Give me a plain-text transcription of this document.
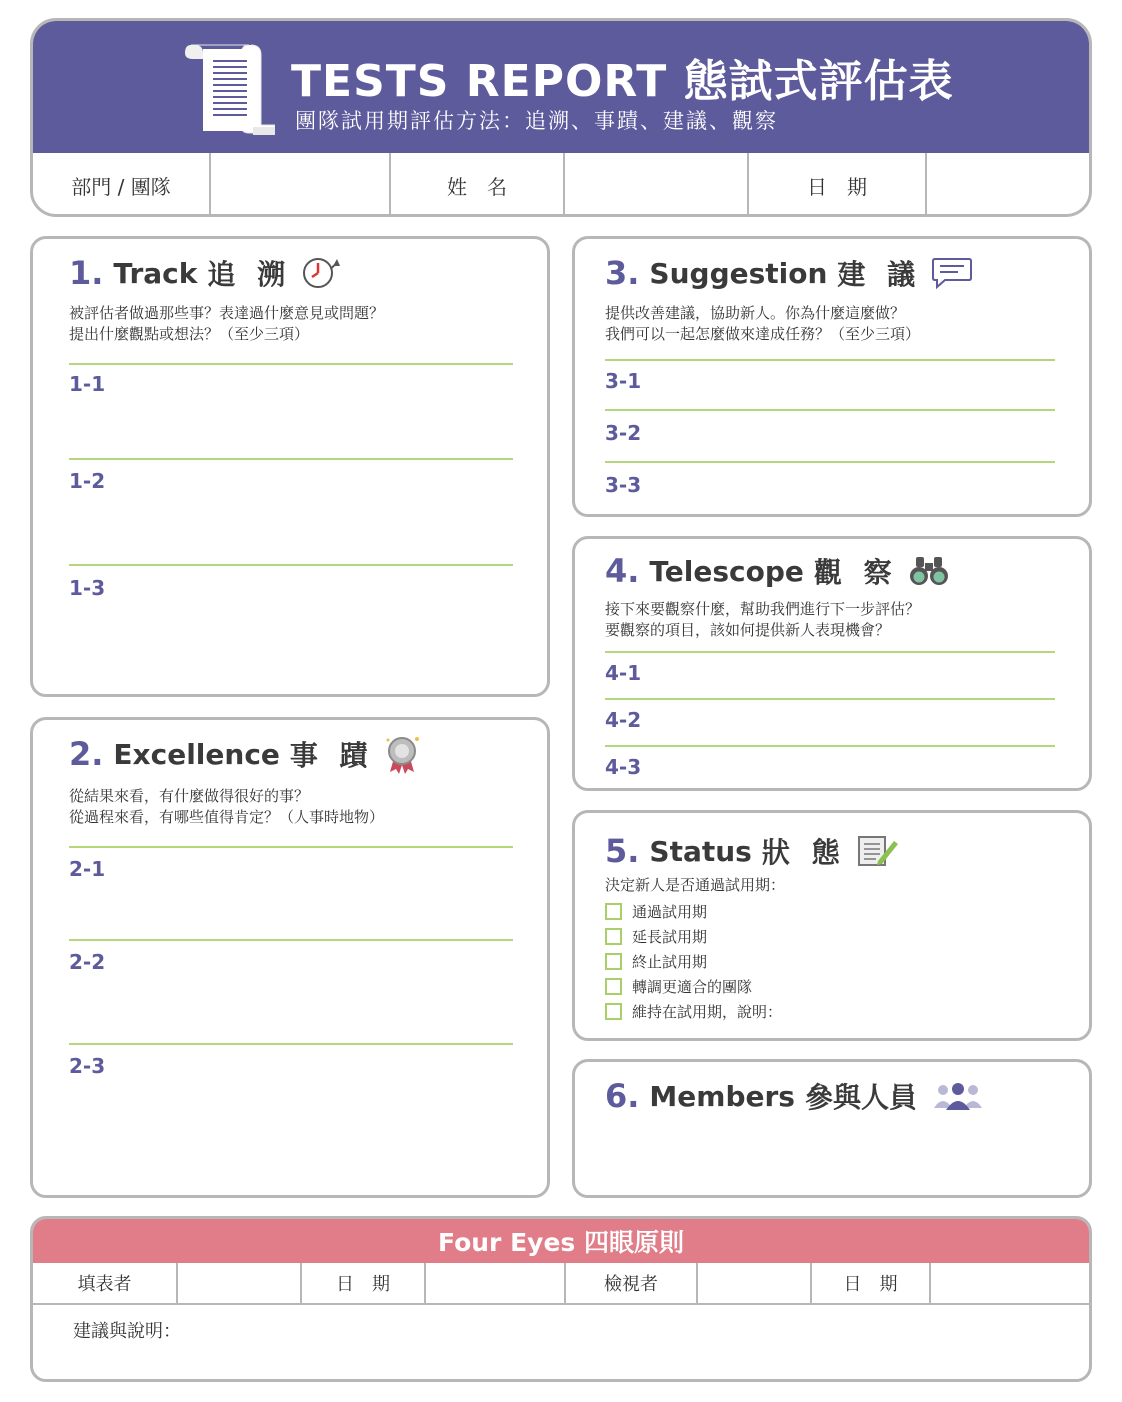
TESTS REPORT 態試式評估表
團隊試用期評估方法：追溯、事蹟、建議、觀察
部門 / 團隊	姓　名	日　期
1. Track 追 溯
被評估者做過那些事？表達過什麼意見或問題？
提出什麼觀點或想法？（至少三項）
1-1
1-2
1-3
2. Excellence 事 蹟
從結果來看，有什麼做得很好的事？
從過程來看，有哪些值得肯定？（人事時地物）
2-1
2-2
2-3
3. Suggestion 建 議
提供改善建議，協助新人。你為什麼這麼做？
我們可以一起怎麼做來達成任務？（至少三項）
3-1
3-2
3-3
4. Telescope 觀 察
接下來要觀察什麼，幫助我們進行下一步評估？
要觀察的項目，該如何提供新人表現機會？
4-1
4-2
4-3
5. Status 狀 態
決定新人是否通過試用期：
通過試用期
延長試用期
終止試用期
轉調更適合的團隊
維持在試用期，說明：
6. Members 參與人員
Four Eyes 四眼原則
填表者	日　期	檢視者	日　期
建議與說明：
